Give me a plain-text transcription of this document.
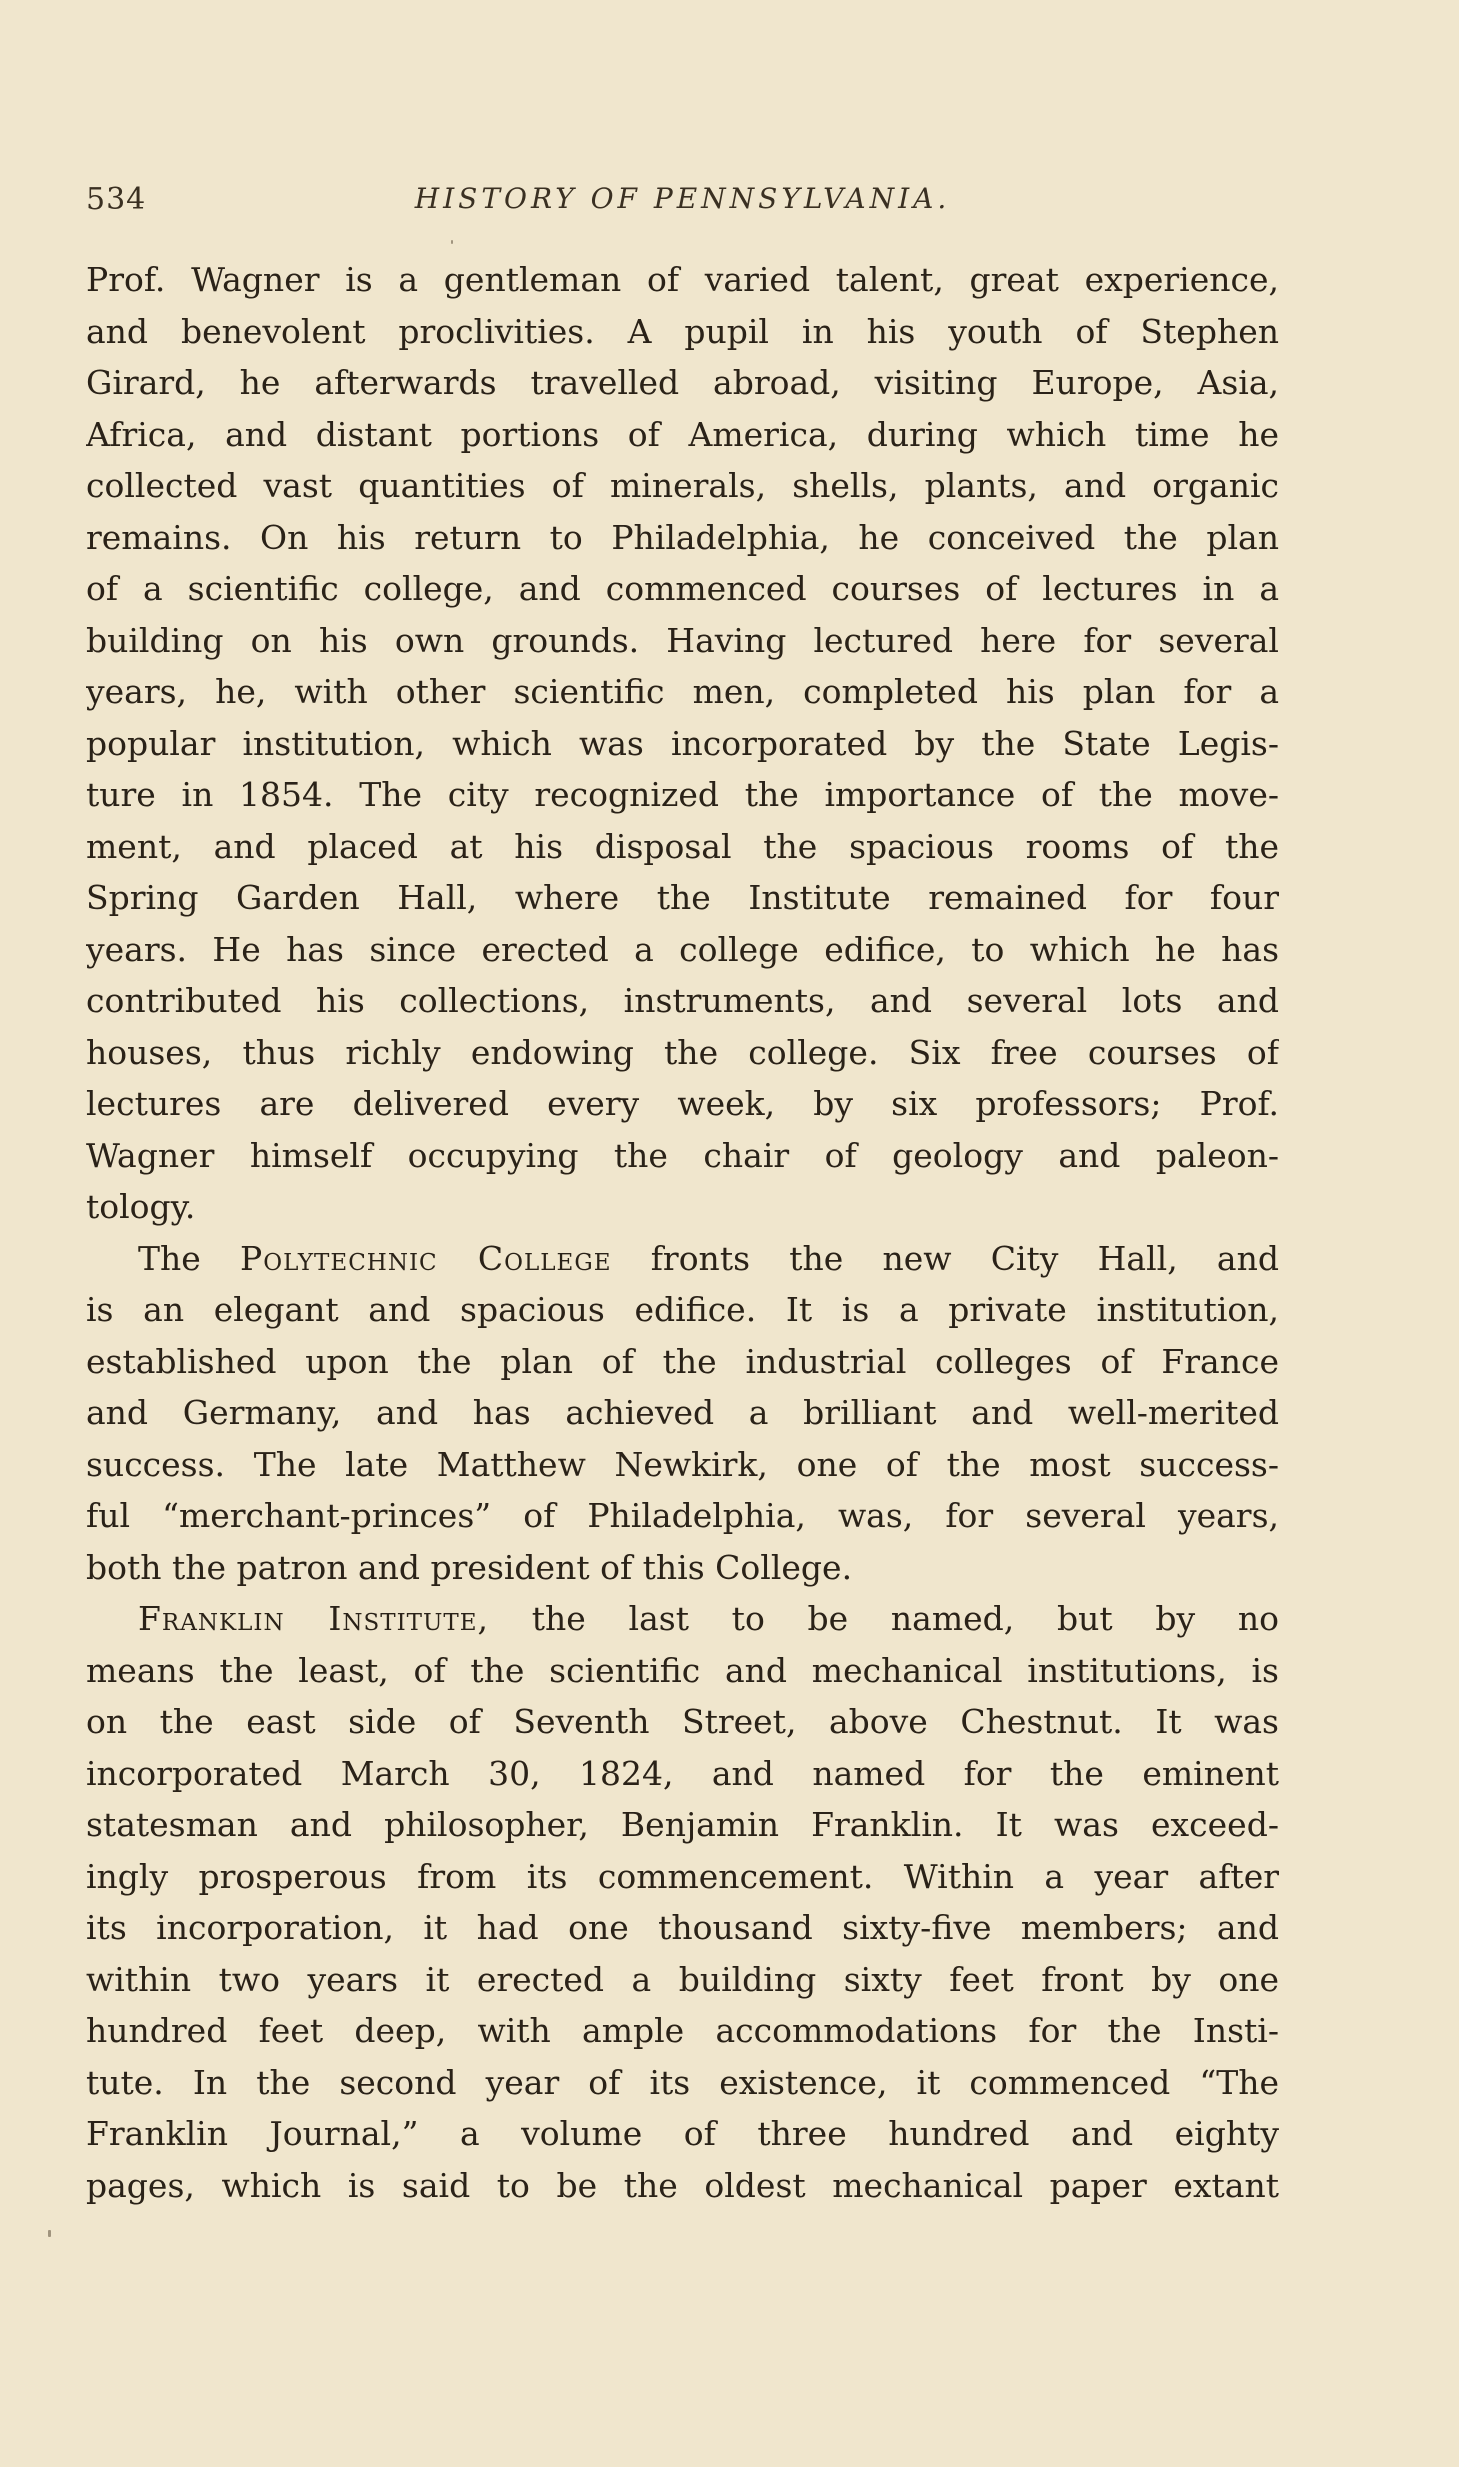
534	HISTORY OF PENNSYLVANIA.
Prof. Wagner is a gentleman of varied talent, great experience,
and benevolent proclivities. A pupil in his youth of Stephen
Girard, he afterwards travelled abroad, visiting Europe, Asia,
Africa, and distant portions of America, during which time he
collected vast quantities of minerals, shells, plants, and organic
remains. On his return to Philadelphia, he conceived the plan
of a scientific college, and commenced courses of lectures in a
building on his own grounds. Having lectured here for several
years, he, with other scientific men, completed his plan for a
popular institution, which was incorporated by the State Legis-
ture in 1854. The city recognized the importance of the move-
ment, and placed at his disposal the spacious rooms of the
Spring Garden Hall, where the Institute remained for four
years. He has since erected a college edifice, to which he has
contributed his collections, instruments, and several lots and
houses, thus richly endowing the college. Six free courses of
lectures are delivered every week, by six professors; Prof.
Wagner himself occupying the chair of geology and paleon-
tology.
The Polytechnic College fronts the new City Hall, and
is an elegant and spacious edifice. It is a private institution,
established upon the plan of the industrial colleges of France
and Germany, and has achieved a brilliant and well-merited
success. The late Matthew Newkirk, one of the most success-
ful “merchant-princes” of Philadelphia, was, for several years,
both the patron and president of this College.
Franklin Institute, the last to be named, but by no
means the least, of the scientific and mechanical institutions, is
on the east side of Seventh Street, above Chestnut. It was
incorporated March 30, 1824, and named for the eminent
statesman and philosopher, Benjamin Franklin. It was exceed-
ingly prosperous from its commencement. Within a year after
its incorporation, it had one thousand sixty-five members; and
within two years it erected a building sixty feet front by one
hundred feet deep, with ample accommodations for the Insti-
tute. In the second year of its existence, it commenced “The
Franklin Journal,” a volume of three hundred and eighty
pages, which is said to be the oldest mechanical paper extant
